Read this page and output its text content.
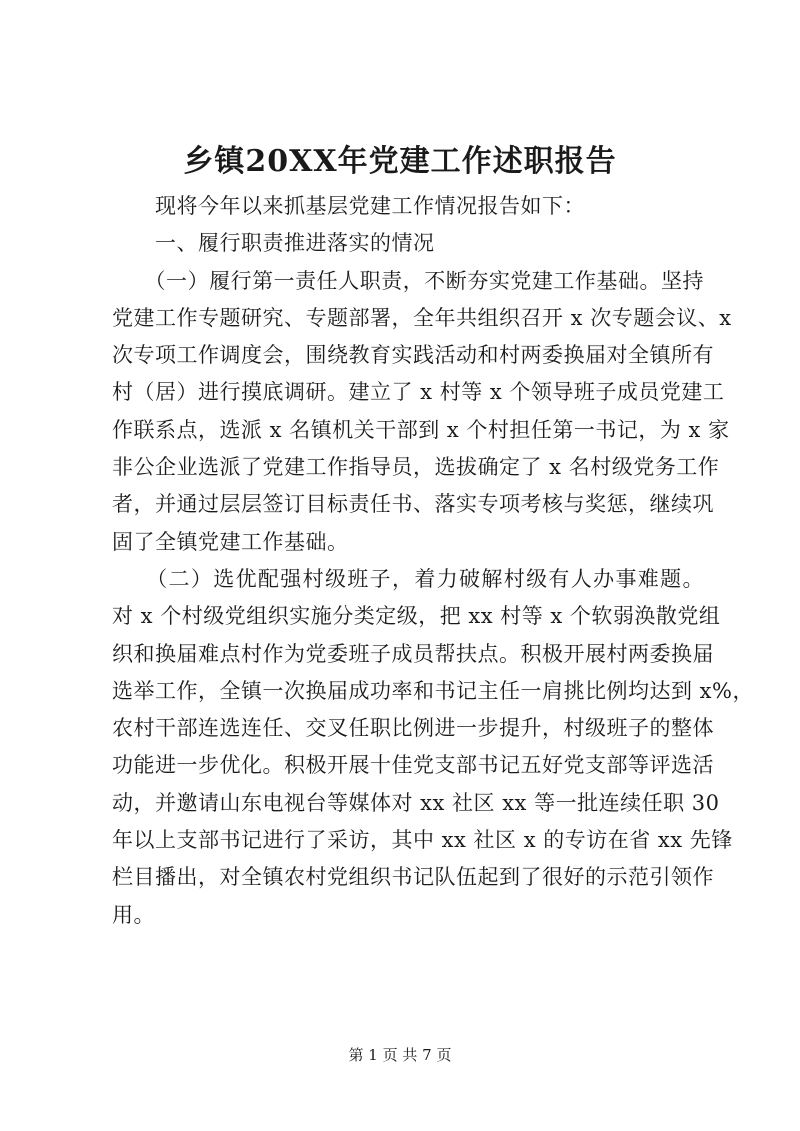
乡镇20XX年党建工作述职报告
　　现将今年以来抓基层党建工作情况报告如下：
　　一、履行职责推进落实的情况
　　（一）履行第一责任人职责，不断夯实党建工作基础。坚持
党建工作专题研究、专题部署，全年共组织召开 x 次专题会议、x
次专项工作调度会，围绕教育实践活动和村两委换届对全镇所有
村（居）进行摸底调研。建立了 x 村等 x 个领导班子成员党建工
作联系点，选派 x 名镇机关干部到 x 个村担任第一书记，为 x 家
非公企业选派了党建工作指导员，选拔确定了 x 名村级党务工作
者，并通过层层签订目标责任书、落实专项考核与奖惩，继续巩
固了全镇党建工作基础。
　　（二）选优配强村级班子，着力破解村级有人办事难题。
对 x 个村级党组织实施分类定级，把 xx 村等 x 个软弱涣散党组
织和换届难点村作为党委班子成员帮扶点。积极开展村两委换届
选举工作，全镇一次换届成功率和书记主任一肩挑比例均达到 x%，
农村干部连选连任、交叉任职比例进一步提升，村级班子的整体
功能进一步优化。积极开展十佳党支部书记五好党支部等评选活
动，并邀请山东电视台等媒体对 xx 社区 xx 等一批连续任职 30
年以上支部书记进行了采访，其中 xx 社区 x 的专访在省 xx 先锋
栏目播出，对全镇农村党组织书记队伍起到了很好的示范引领作
用。
第 1 页 共 7 页
